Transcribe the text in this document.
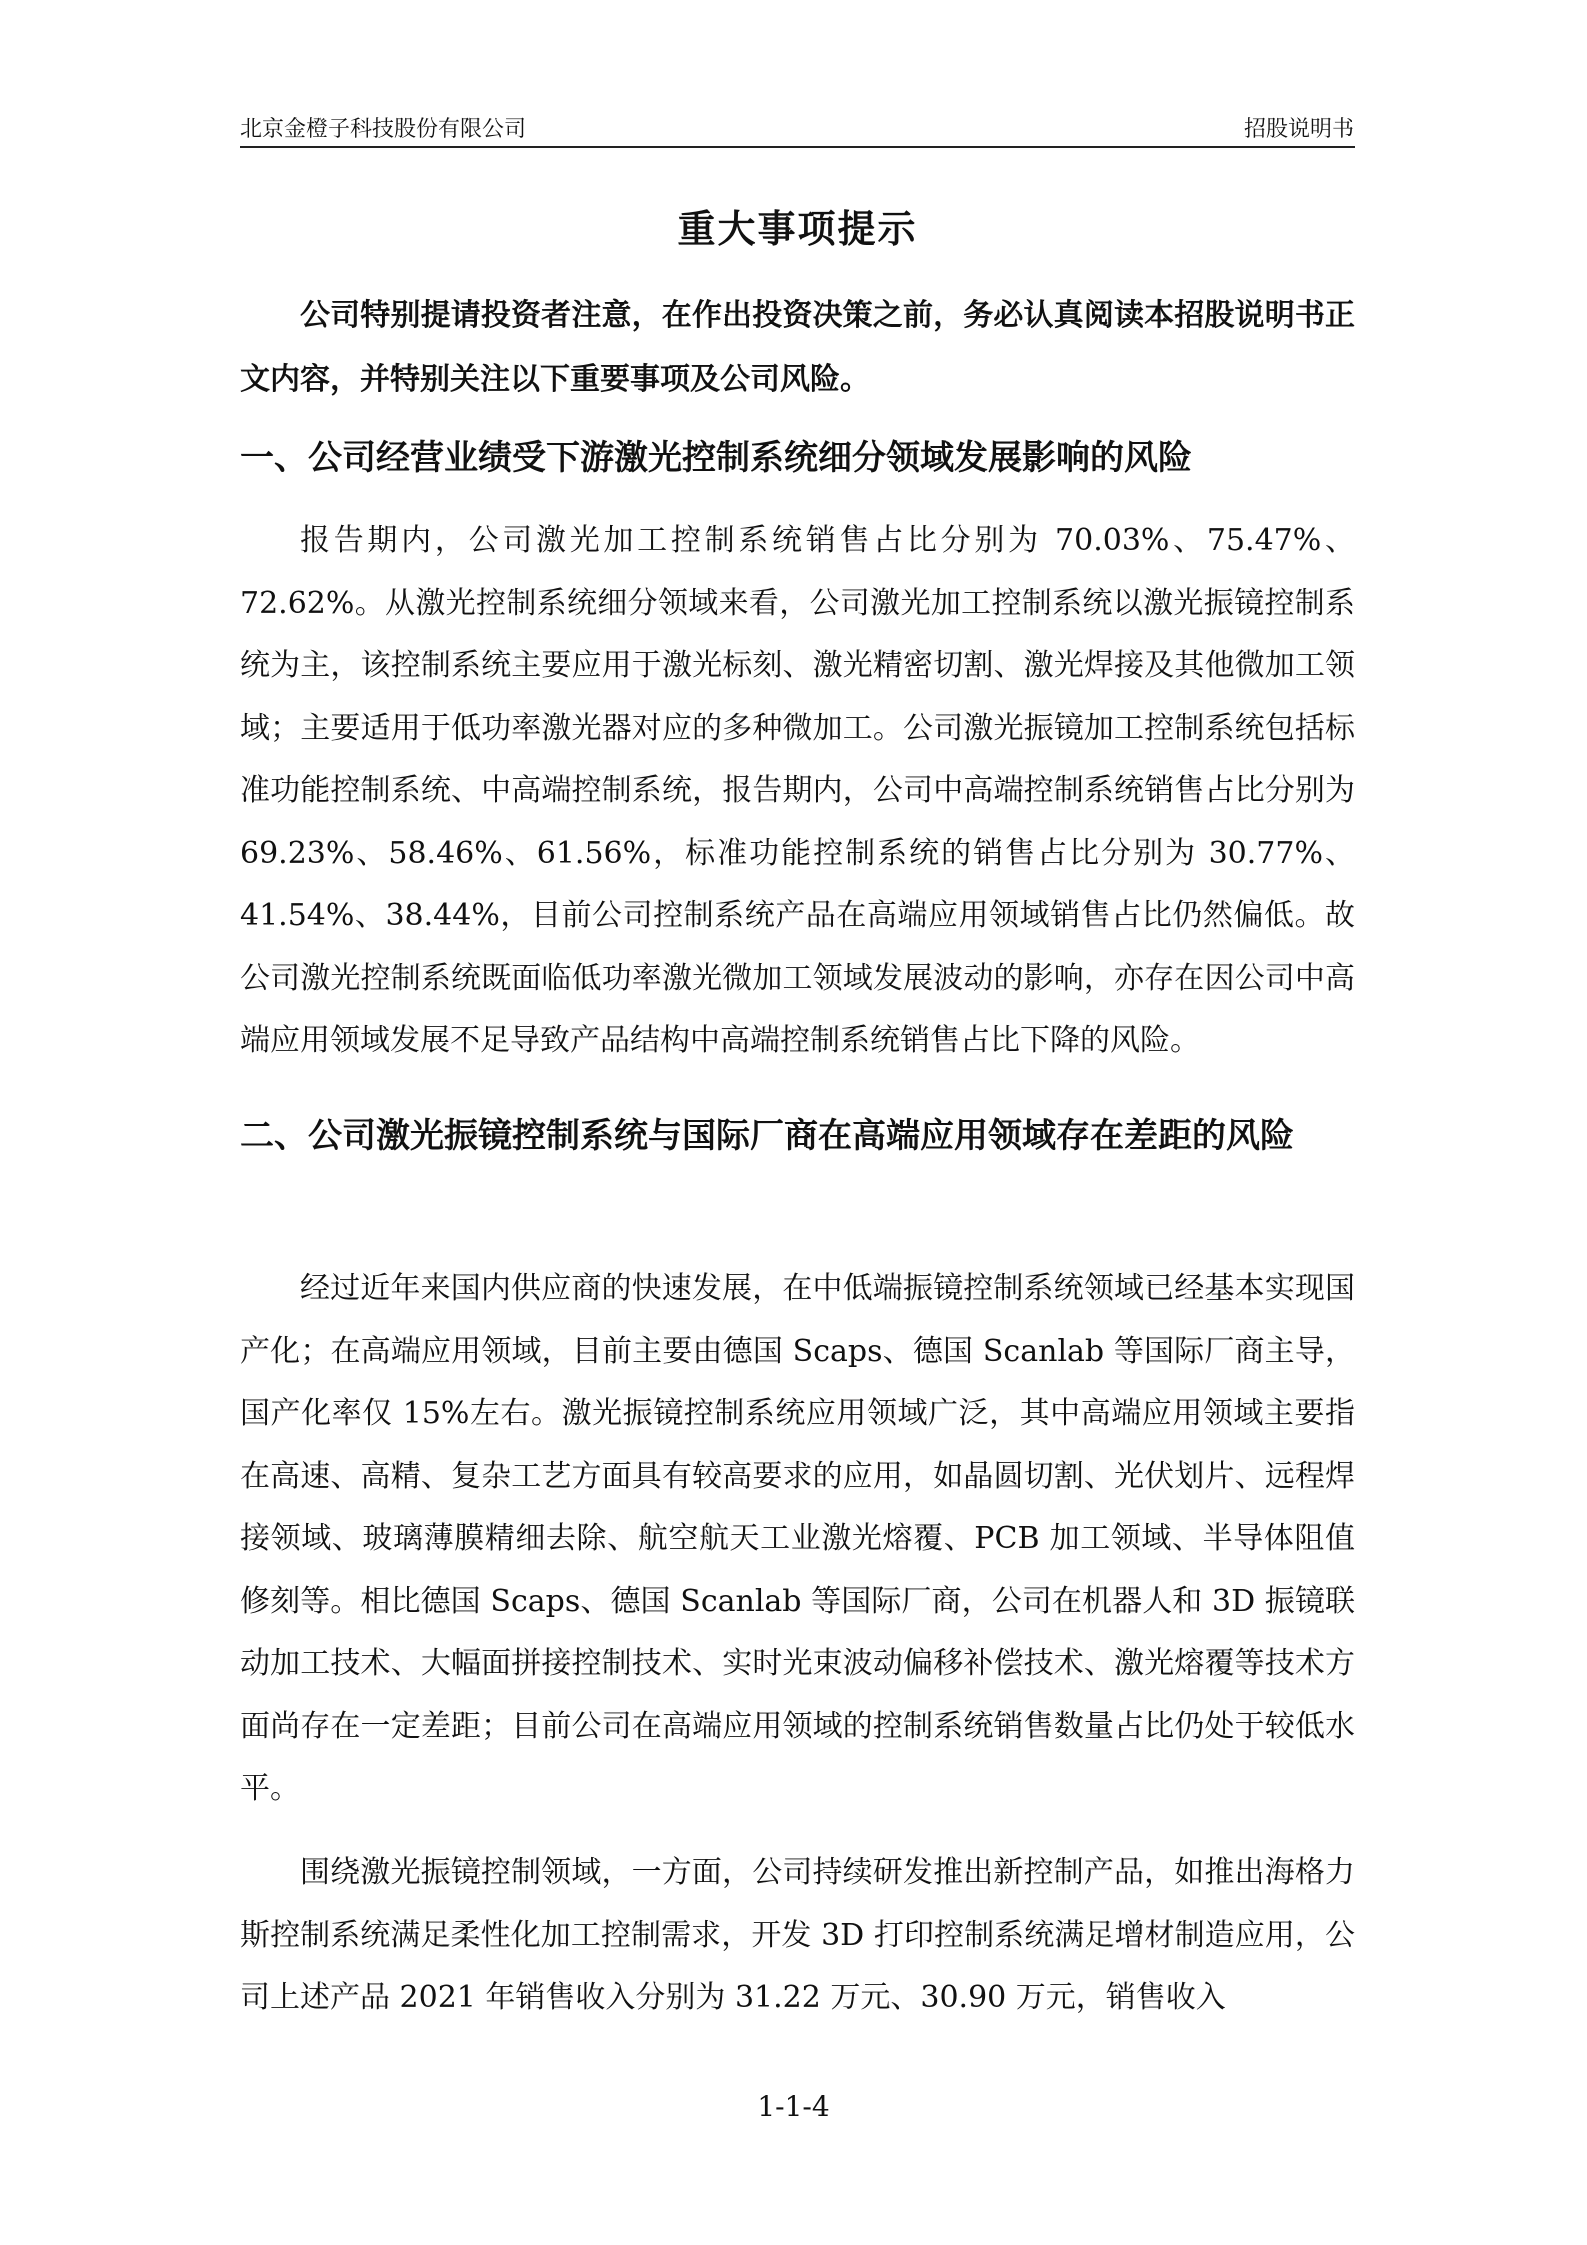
北京金橙子科技股份有限公司	招股说明书
重大事项提示
公司特别提请投资者注意，在作出投资决策之前，务必认真阅读本招股说明书正文内容，并特别关注以下重要事项及公司风险。
一、公司经营业绩受下游激光控制系统细分领域发展影响的风险
报告期内，公司激光加工控制系统销售占比分别为 70.03%、75.47%、72.62%。从激光控制系统细分领域来看，公司激光加工控制系统以激光振镜控制系统为主，该控制系统主要应用于激光标刻、激光精密切割、激光焊接及其他微加工领域；主要适用于低功率激光器对应的多种微加工。公司激光振镜加工控制系统包括标准功能控制系统、中高端控制系统，报告期内，公司中高端控制系统销售占比分别为 69.23%、58.46%、61.56%，标准功能控制系统的销售占比分别为 30.77%、41.54%、38.44%，目前公司控制系统产品在高端应用领域销售占比仍然偏低。故公司激光控制系统既面临低功率激光微加工领域发展波动的影响，亦存在因公司中高端应用领域发展不足导致产品结构中高端控制系统销售占比下降的风险。
二、公司激光振镜控制系统与国际厂商在高端应用领域存在差距的风险
经过近年来国内供应商的快速发展，在中低端振镜控制系统领域已经基本实现国产化；在高端应用领域，目前主要由德国 Scaps、德国 Scanlab 等国际厂商主导，国产化率仅 15%左右。激光振镜控制系统应用领域广泛，其中高端应用领域主要指在高速、高精、复杂工艺方面具有较高要求的应用，如晶圆切割、光伏划片、远程焊接领域、玻璃薄膜精细去除、航空航天工业激光熔覆、PCB 加工领域、半导体阻值修刻等。相比德国 Scaps、德国 Scanlab 等国际厂商，公司在机器人和 3D 振镜联动加工技术、大幅面拼接控制技术、实时光束波动偏移补偿技术、激光熔覆等技术方面尚存在一定差距；目前公司在高端应用领域的控制系统销售数量占比仍处于较低水平。
围绕激光振镜控制领域，一方面，公司持续研发推出新控制产品，如推出海格力斯控制系统满足柔性化加工控制需求，开发 3D 打印控制系统满足增材制造应用，公司上述产品 2021 年销售收入分别为 31.22 万元、30.90 万元，销售收入
1-1-4
